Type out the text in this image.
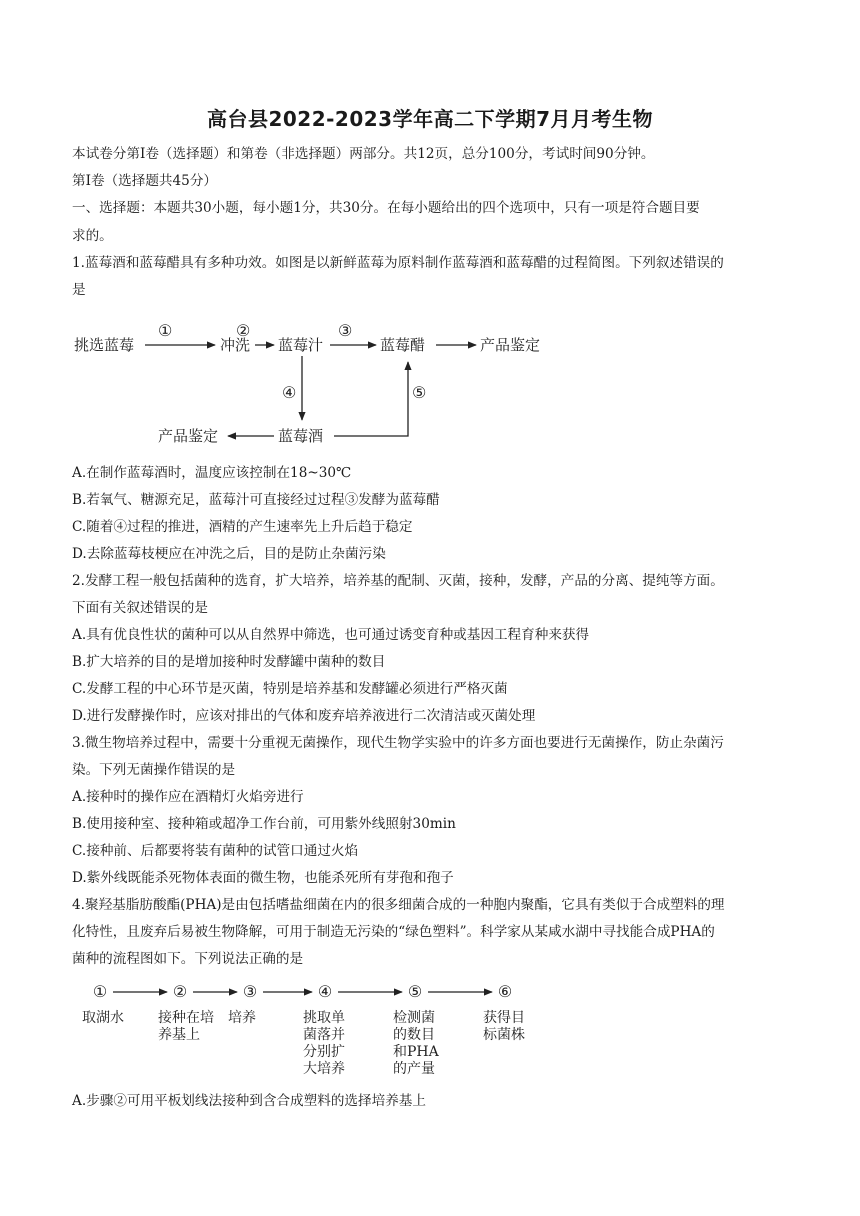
高台县2022-2023学年高二下学期7月月考生物
本试卷分第Ⅰ卷（选择题）和第卷（非选择题）两部分。共12页，总分100分，考试时间90分钟。
第Ⅰ卷（选择题共45分）
一、选择题：本题共30小题，每小题1分，共30分。在每小题给出的四个选项中，只有一项是符合题目要
求的。
1.蓝莓酒和蓝莓醋具有多种功效。如图是以新鲜蓝莓为原料制作蓝莓酒和蓝莓醋的过程简图。下列叙述错误的
是
挑选蓝莓	冲洗 蓝莓汁	蓝莓醋	产品鉴定
蓝莓酒
产品鉴定
①	②	③
④	⑤
A.在制作蓝莓酒时，温度应该控制在18~30℃
B.若氧气、糖源充足，蓝莓汁可直接经过过程③发酵为蓝莓醋
C.随着④过程的推进，酒精的产生速率先上升后趋于稳定
D.去除蓝莓枝梗应在冲洗之后，目的是防止杂菌污染
2.发酵工程一般包括菌种的选育，扩大培养，培养基的配制、灭菌，接种，发酵，产品的分离、提纯等方面。
下面有关叙述错误的是
A.具有优良性状的菌种可以从自然界中筛选，也可通过诱变育种或基因工程育种来获得
B.扩大培养的目的是增加接种时发酵罐中菌种的数目
C.发酵工程的中心环节是灭菌，特别是培养基和发酵罐必须进行严格灭菌
D.进行发酵操作时，应该对排出的气体和废弃培养液进行二次清洁或灭菌处理
3.微生物培养过程中，需要十分重视无菌操作，现代生物学实验中的许多方面也要进行无菌操作，防止杂菌污
染。下列无菌操作错误的是
A.接种时的操作应在酒精灯火焰旁进行
B.使用接种室、接种箱或超净工作台前，可用紫外线照射30min
C.接种前、后都要将装有菌种的试管口通过火焰
D.紫外线既能杀死物体表面的微生物，也能杀死所有芽孢和孢子
4.聚羟基脂肪酸酯(PHA)是由包括嗜盐细菌在内的很多细菌合成的一种胞内聚酯，它具有类似于合成塑料的理
化特性，且废弃后易被生物降解，可用于制造无污染的“绿色塑料”。科学家从某咸水湖中寻找能合成PHA的
菌种的流程图如下。下列说法正确的是
①
取湖水
②
接种在培
养基上
③
培养
④
挑取单
菌落并
分别扩
大培养
⑤
检测菌
的数目
和PHA
的产量
⑥
获得目
标菌株
A.步骤②可用平板划线法接种到含合成塑料的选择培养基上
